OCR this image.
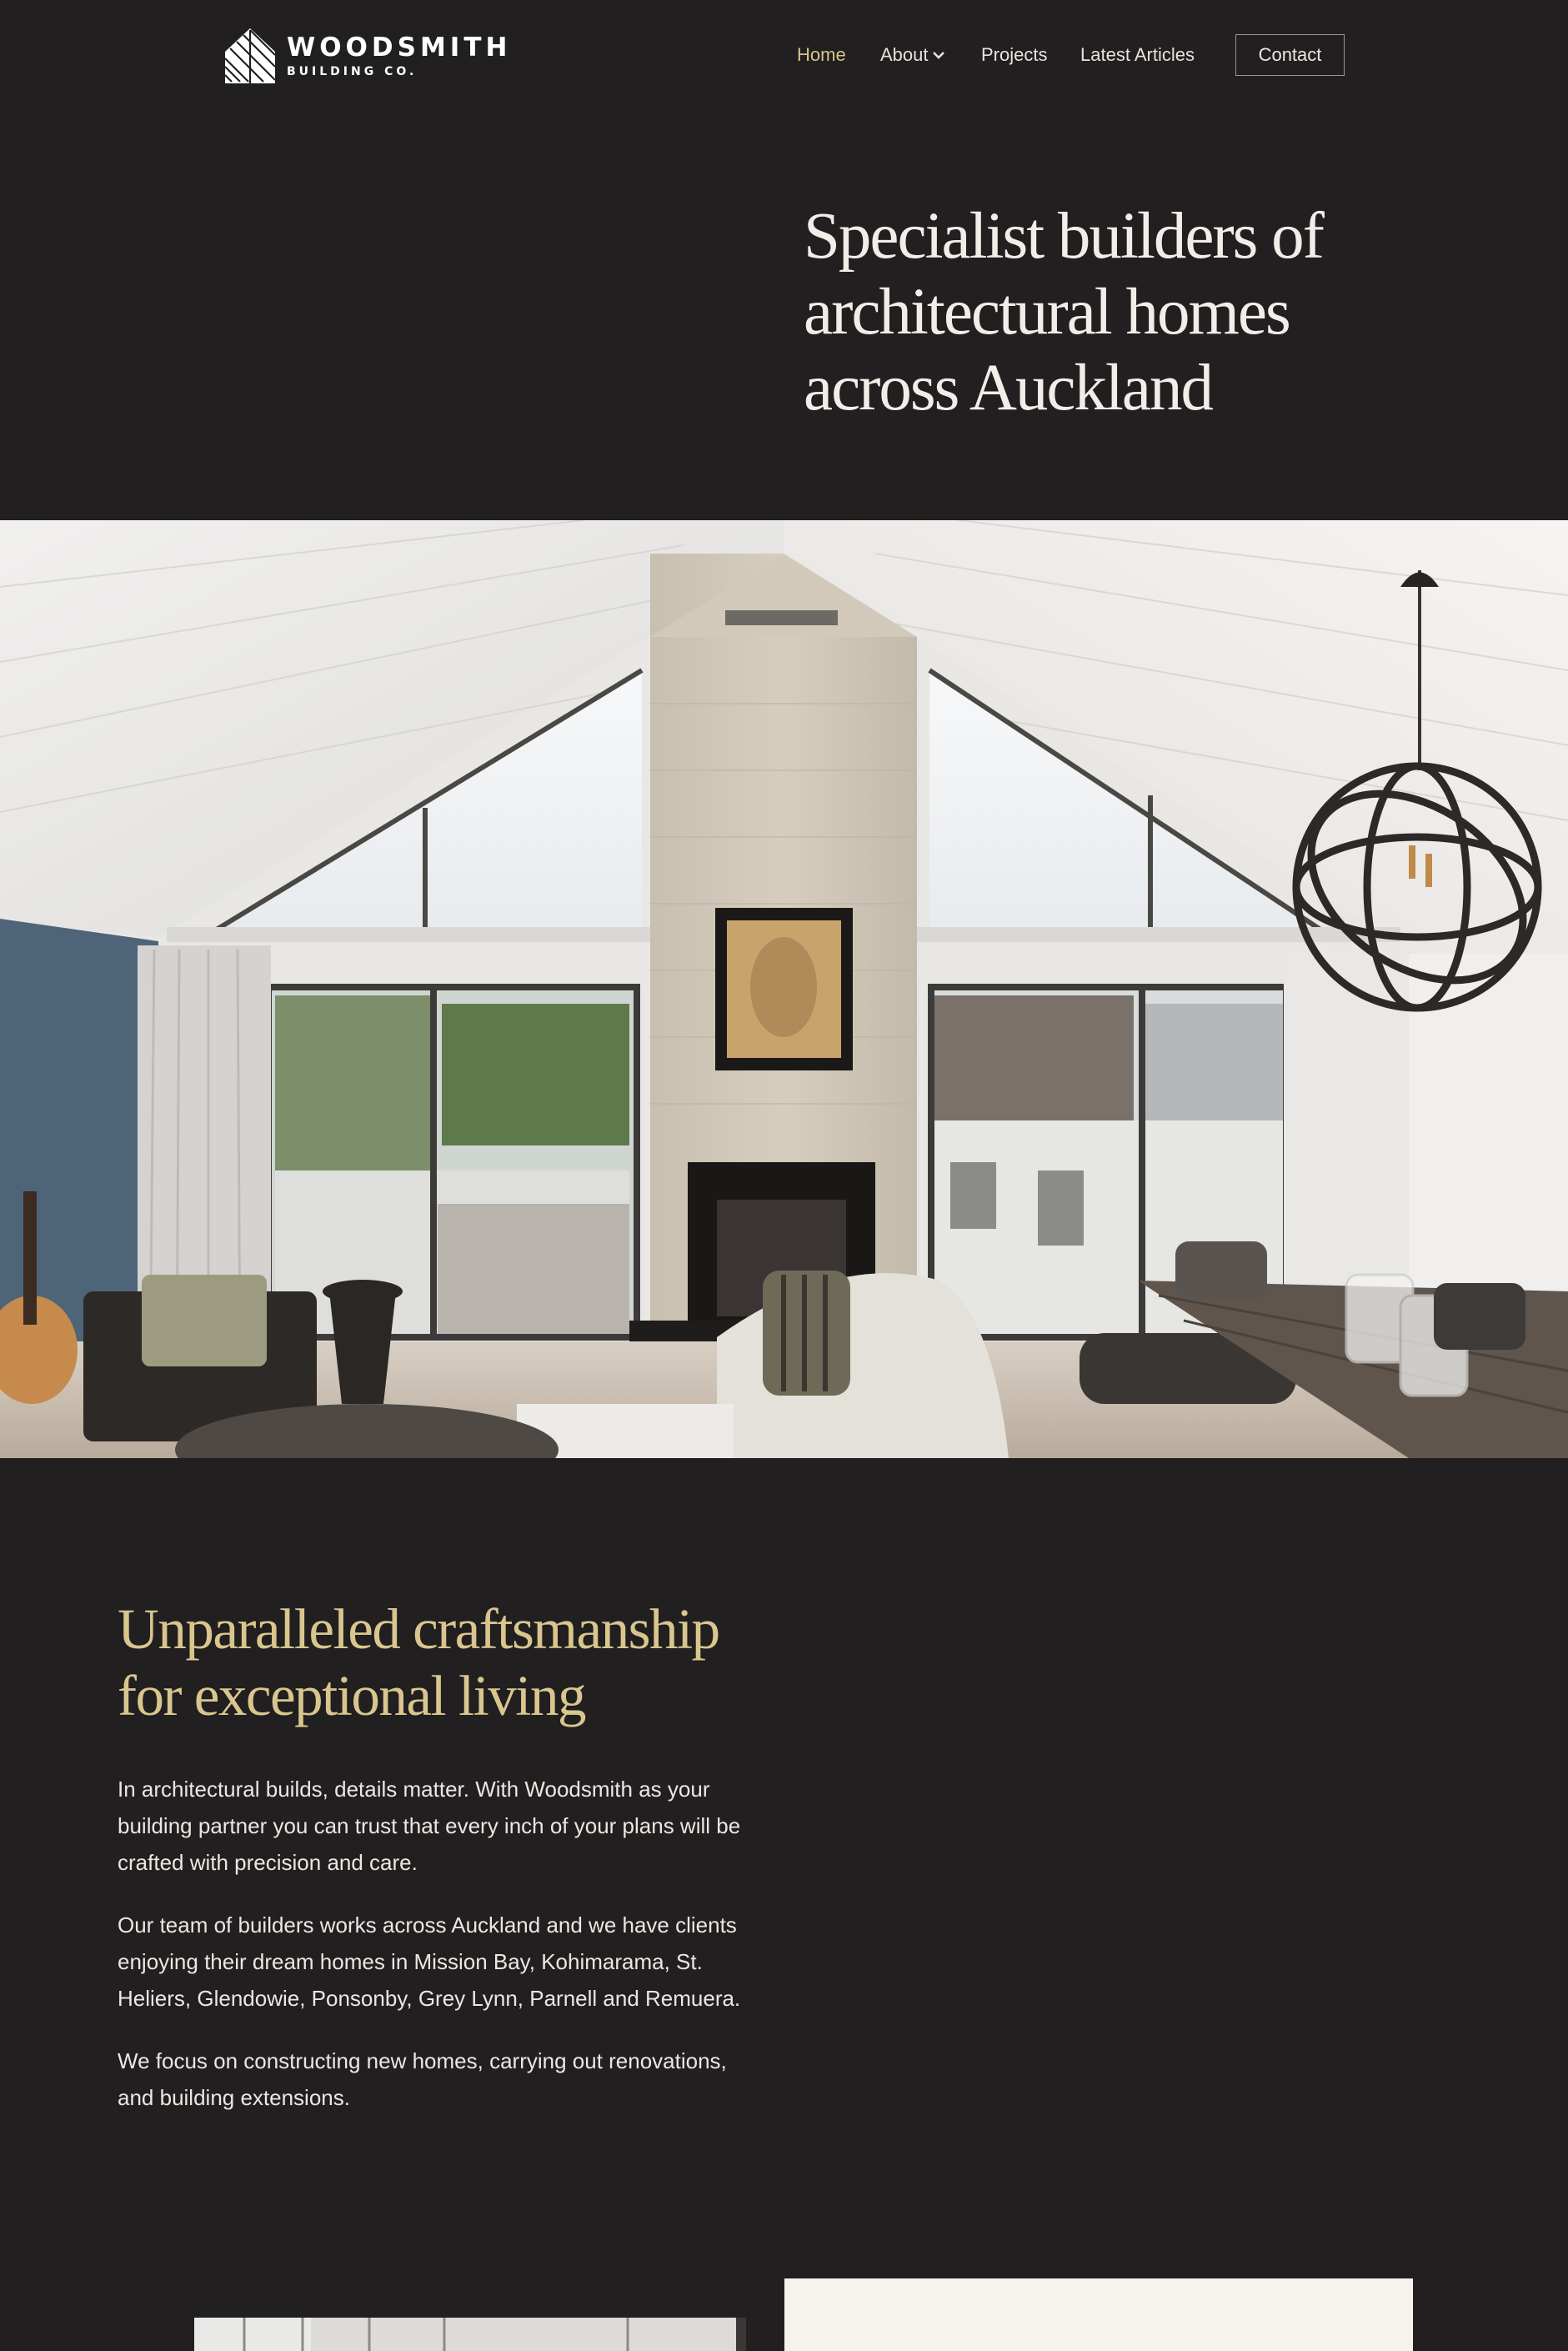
WOODSMITH
BUILDING CO.
Home About	Projects Latest Articles	Contact
Specialist builders of
architectural homes
across Auckland
Unparalleled craftsmanship
for exceptional living

In architectural builds, details matter. With Woodsmith as your building partner you can trust that every inch of your plans will be crafted with precision and care.

Our team of builders works across Auckland and we have clients enjoying their dream homes in Mission Bay, Kohimarama, St. Heliers, Glendowie, Ponsonby, Grey Lynn, Parnell and Remuera.

We focus on constructing new homes, carrying out renovations, and building extensions.
